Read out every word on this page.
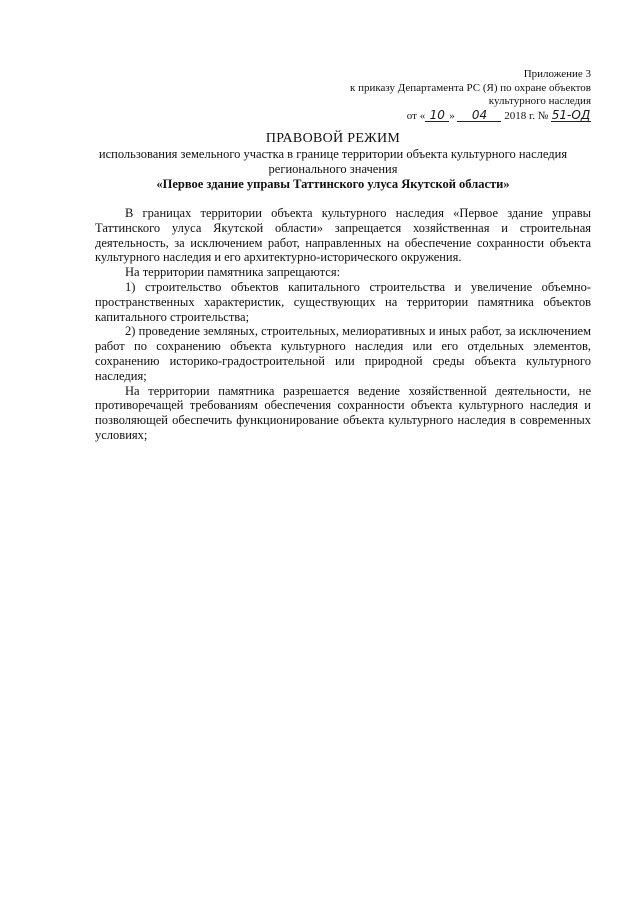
Приложение 3
к приказу Департамента РС (Я) по охране объектов
культурного наследия
от « 10 » 04 2018 г. № 51-ОД
ПРАВОВОЙ РЕЖИМ
использования земельного участка в границе территории объекта культурного наследия
регионального значения
«Первое здание управы Таттинского улуса Якутской области»

В границах территории объекта культурного наследия «Первое здание управы Таттинского улуса Якутской области» запрещается хозяйственная и строительная деятельность, за исключением работ, направленных на обеспечение сохранности объекта культурного наследия и его архитектурно-исторического окружения.

На территории памятника запрещаются:

1) строительство объектов капитального строительства и увеличение объемно-пространственных характеристик, существующих на территории памятника объектов капитального строительства;

2) проведение земляных, строительных, мелиоративных и иных работ, за исключением работ по сохранению объекта культурного наследия или его отдельных элементов, сохранению историко-градостроительной или природной среды объекта культурного наследия;

На территории памятника разрешается ведение хозяйственной деятельности, не противоречащей требованиям обеспечения сохранности объекта культурного наследия и позволяющей обеспечить функционирование объекта культурного наследия в современных условиях;
